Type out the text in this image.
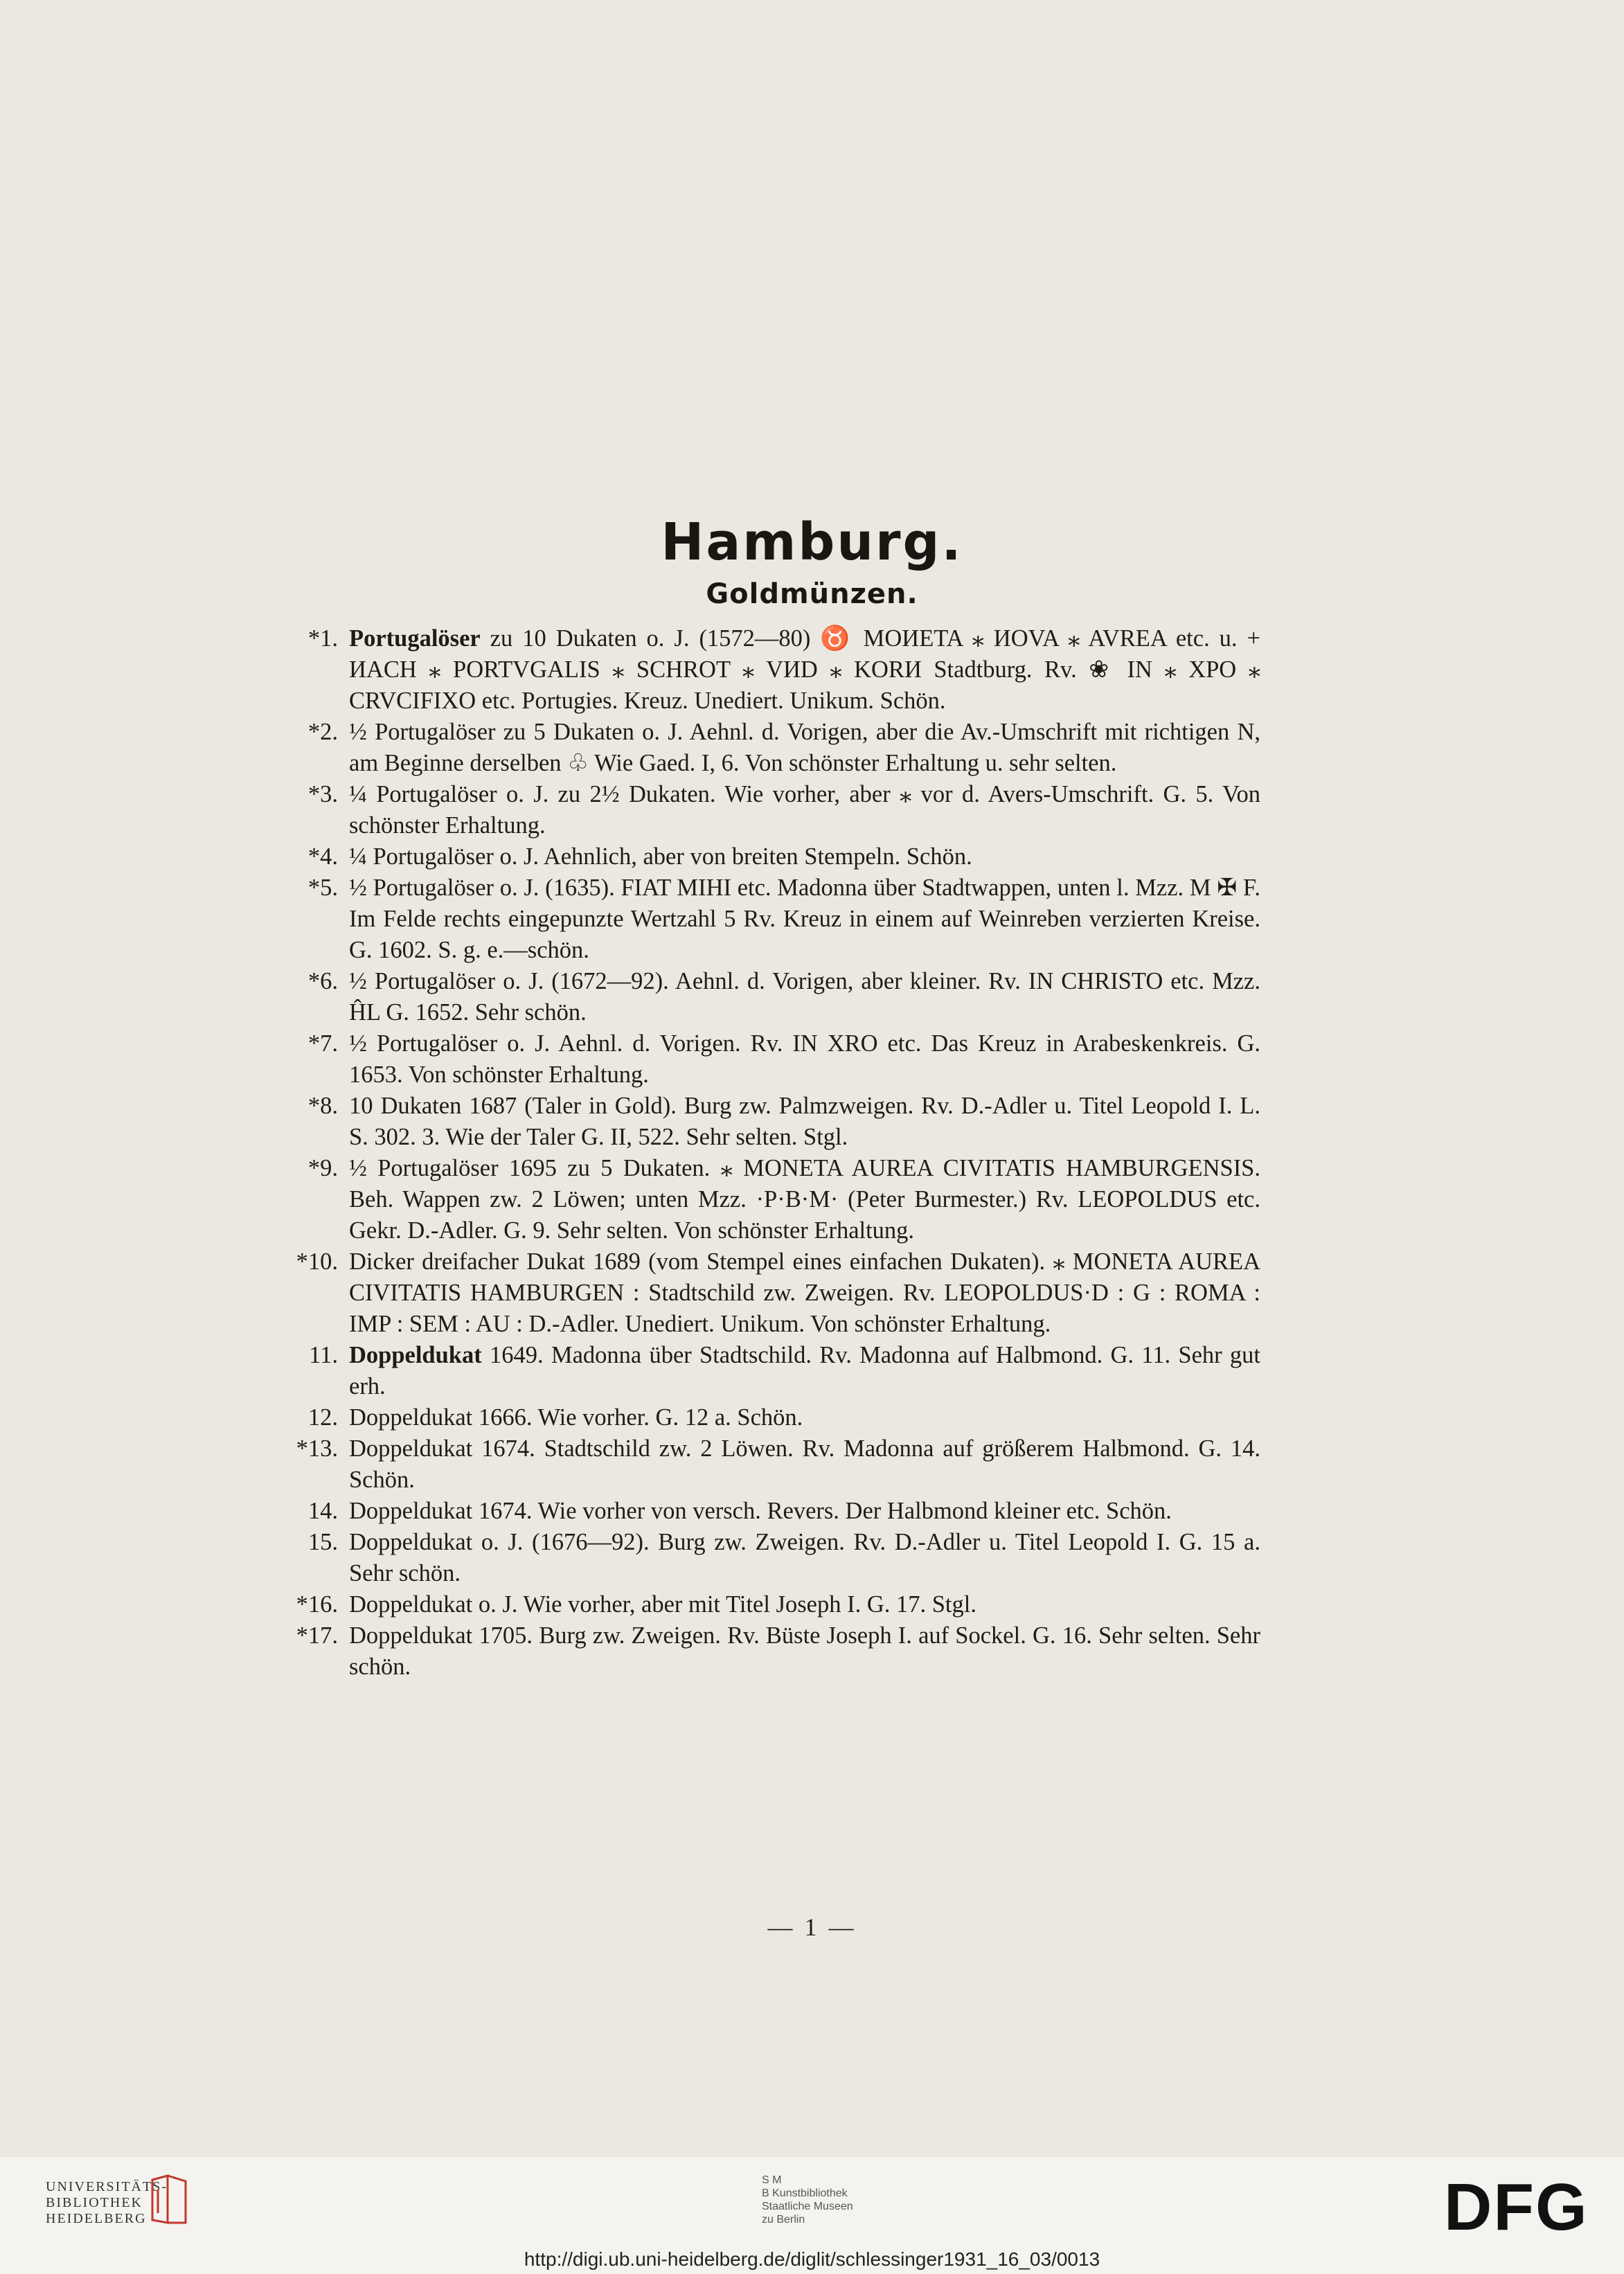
Hamburg.
Goldmünzen.
*1. Portugalöser zu 10 Dukaten o. J. (1572—80) ♉ MOИETA ⁎ ИOVA ⁎ AVREA etc. u. + ИACH ⁎ PORTVGALIS ⁎ SCHROT ⁎ VИD ⁎ KORИ Stadtburg. Rv. ❀ IN ⁎ XPO ⁎ CRVCIFIXO etc. Portugies. Kreuz. Unediert. Unikum. Schön.
*2. ½ Portugalöser zu 5 Dukaten o. J. Aehnl. d. Vorigen, aber die Av.-Umschrift mit richtigen N, am Beginne derselben ♧ Wie Gaed. I, 6. Von schönster Erhaltung u. sehr selten.
*3. ¼ Portugalöser o. J. zu 2½ Dukaten. Wie vorher, aber ⁎ vor d. Avers-Umschrift. G. 5. Von schönster Erhaltung.
*4. ¼ Portugalöser o. J. Aehnlich, aber von breiten Stempeln. Schön.
*5. ½ Portugalöser o. J. (1635). FIAT MIHI etc. Madonna über Stadtwappen, unten l. Mzz. M ✠ F. Im Felde rechts eingepunzte Wertzahl 5 Rv. Kreuz in einem auf Weinreben verzierten Kreise. G. 1602. S. g. e.—schön.
*6. ½ Portugalöser o. J. (1672—92). Aehnl. d. Vorigen, aber kleiner. Rv. IN CHRISTO etc. Mzz. ĤL G. 1652. Sehr schön.
*7. ½ Portugalöser o. J. Aehnl. d. Vorigen. Rv. IN XRO etc. Das Kreuz in Arabeskenkreis. G. 1653. Von schönster Erhaltung.
*8. 10 Dukaten 1687 (Taler in Gold). Burg zw. Palmzweigen. Rv. D.-Adler u. Titel Leopold I. L. S. 302. 3. Wie der Taler G. II, 522. Sehr selten. Stgl.
*9. ½ Portugalöser 1695 zu 5 Dukaten. ⁎ MONETA AUREA CIVITATIS HAMBURGENSIS. Beh. Wappen zw. 2 Löwen; unten Mzz. ·P·B·M· (Peter Burmester.) Rv. LEOPOLDUS etc. Gekr. D.-Adler. G. 9. Sehr selten. Von schönster Erhaltung.
*10. Dicker dreifacher Dukat 1689 (vom Stempel eines einfachen Dukaten). ⁎ MONETA AUREA CIVITATIS HAMBURGEN : Stadtschild zw. Zweigen. Rv. LEOPOLDUS·D : G : ROMA : IMP : SEM : AU : D.-Adler. Unediert. Unikum. Von schönster Erhaltung.
11. Doppeldukat 1649. Madonna über Stadtschild. Rv. Madonna auf Halbmond. G. 11. Sehr gut erh.
12. Doppeldukat 1666. Wie vorher. G. 12 a. Schön.
*13. Doppeldukat 1674. Stadtschild zw. 2 Löwen. Rv. Madonna auf größerem Halbmond. G. 14. Schön.
14. Doppeldukat 1674. Wie vorher von versch. Revers. Der Halbmond kleiner etc. Schön.
15. Doppeldukat o. J. (1676—92). Burg zw. Zweigen. Rv. D.-Adler u. Titel Leopold I. G. 15 a. Sehr schön.
*16. Doppeldukat o. J. Wie vorher, aber mit Titel Joseph I. G. 17. Stgl.
*17. Doppeldukat 1705. Burg zw. Zweigen. Rv. Büste Joseph I. auf Sockel. G. 16. Sehr selten. Sehr schön.
— 1 —
UNIVERSITÄTS-
BIBLIOTHEK
HEIDELBERG
S M
B Kunstbibliothek
Staatliche Museen
zu Berlin	DFG
http://digi.ub.uni-heidelberg.de/diglit/schlessinger1931_16_03/0013
